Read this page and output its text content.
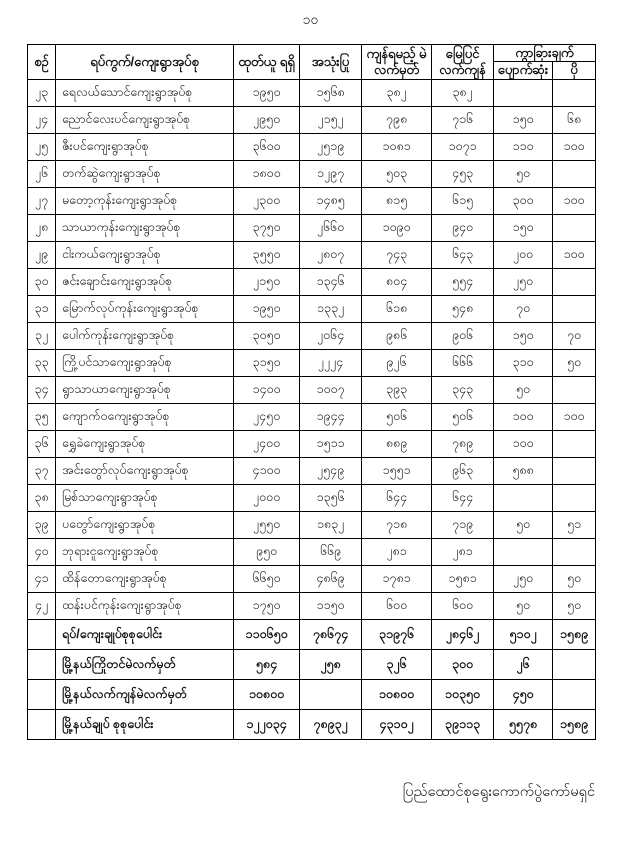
၁၀
စဉ်	ရပ်ကွက်/ကျေးရွာအုပ်စု	ထုတ်ယူ ရရှိ	အသုံးပြု	ကျန်ရမည့် မဲလက်မှတ်	မြေပြင် လက်ကျန်	ကွာခြားချက်	
						ပျောက်ဆုံး	ပို
၂၃	ရေလယ်သောင်ကျေးရွာအုပ်စု	၁၉၅၀	၁၅၆၈	၃၈၂	၃၈၂		
၂၄	ညောင်လေးပင်ကျေးရွာအုပ်စု	၂၉၅၀	၂၁၅၂	၇၉၈	၇၁၆	၁၅၀	၆၈
၂၅	ဇီးပင်ကျေးရွာအုပ်စု	၃၆၀၀	၂၅၁၉	၁၀၈၁	၁၀၇၁	၁၁၀	၁၀၀
၂၆	တက်ဆွဲကျေးရွာအုပ်စု	၁၈၀၀	၁၂၉၇	၅၀၃	၄၅၃	၅၀	
၂၇	မတော့ကုန်းကျေးရွာအုပ်စု	၂၃၀၀	၁၄၈၅	၈၁၅	၆၁၅	၃၀၀	၁၀၀
၂၈	သာယာကုန်းကျေးရွာအုပ်စု	၃၇၅၀	၂၆၆၀	၁၀၉၀	၉၄၀	၁၅၀	
၂၉	ငါးကယ်ကျေးရွာအုပ်စု	၃၅၅၀	၂၈၀၇	၇၄၃	၆၄၃	၂၀၀	၁၀၀
၃၀	ဇင်းချောင်းကျေးရွာအုပ်စု	၂၁၅၀	၁၃၄၆	၈၀၄	၅၅၄	၂၅၀	
၃၁	မြောက်လုပ်ကုန်းကျေးရွာအုပ်စု	၁၉၅၀	၁၃၃၂	၆၁၈	၅၄၈	၇၀	
၃၂	ပေါက်ကုန်းကျေးရွာအုပ်စု	၃၀၅၀	၂၀၆၄	၉၈၆	၉၀၆	၁၅၀	၇၀
၃၃	ကြို့ပင်သာကျေးရွာအုပ်စု	၃၁၅၀	၂၂၂၄	၉၂၆	၆၆၆	၃၁၀	၅၀
၃၄	ရွာသာယာကျေးရွာအုပ်စု	၁၄၀၀	၁၀၀၇	၃၉၃	၃၄၃	၅၀	
၃၅	ကျောက်ဝကျေးရွာအုပ်စု	၂၄၅၀	၁၉၄၄	၅၀၆	၅၀၆	၁၀၀	၁၀၀
၃၆	ရွှေခဲကျေးရွာအုပ်စု	၂၄၀၀	၁၅၁၁	၈၈၉	၇၈၉	၁၀၀	
၃၇	အင်းတွော်လုပ်ကျေးရွာအုပ်စု	၄၁၀၀	၂၅၄၉	၁၅၅၁	၉၆၃	၅၈၈	
၃၈	မြစ်သာကျေးရွာအုပ်စု	၂၀၀၀	၁၃၅၆	၆၄၄	၆၄၄		
၃၉	ပတွော်ကျေးရွာအုပ်စု	၂၅၅၀	၁၈၃၂	၇၁၈	၇၁၉	၅၀	၅၁
၄၀	ဘုရားငူကျေးရွာအုပ်စု	၉၅၀	၆၆၉	၂၈၁	၂၈၁		
၄၁	ထိန်တောကျေးရွာအုပ်စု	၆၆၅၀	၄၈၆၉	၁၇၈၁	၁၅၈၁	၂၅၀	၅၀
၄၂	ထန်းပင်ကုန်းကျေးရွာအုပ်စု	၁၇၅၀	၁၁၅၀	၆၀၀	၆၀၀	၅၀	၅၀
	ရပ်/ကျေးချုပ်စုစုပေါင်း	၁၁၀၆၅၀	၇၈၆၇၄	၃၁၉၇၆	၂၈၄၆၂	၅၁၀၂	၁၅၈၉
	မြို့နယ်ကြိုတင်မဲလက်မှတ်	၅၈၄	၂၅၈	၃၂၆	၃၀၀	၂၆	
	မြို့နယ်လက်ကျန်မဲလက်မှတ်	၁၀၈၀၀		၁၀၈၀၀	၁၀၃၅၀	၄၅၀	
	မြို့နယ်ချုပ် စုစုပေါင်း	၁၂၂၀၃၄	၇၈၉၃၂	၄၃၁၀၂	၃၉၁၁၃	၅၅၇၈	၁၅၈၉
ပြည်ထောင်စုရွေးကောက်ပွဲကော်မရှင်
